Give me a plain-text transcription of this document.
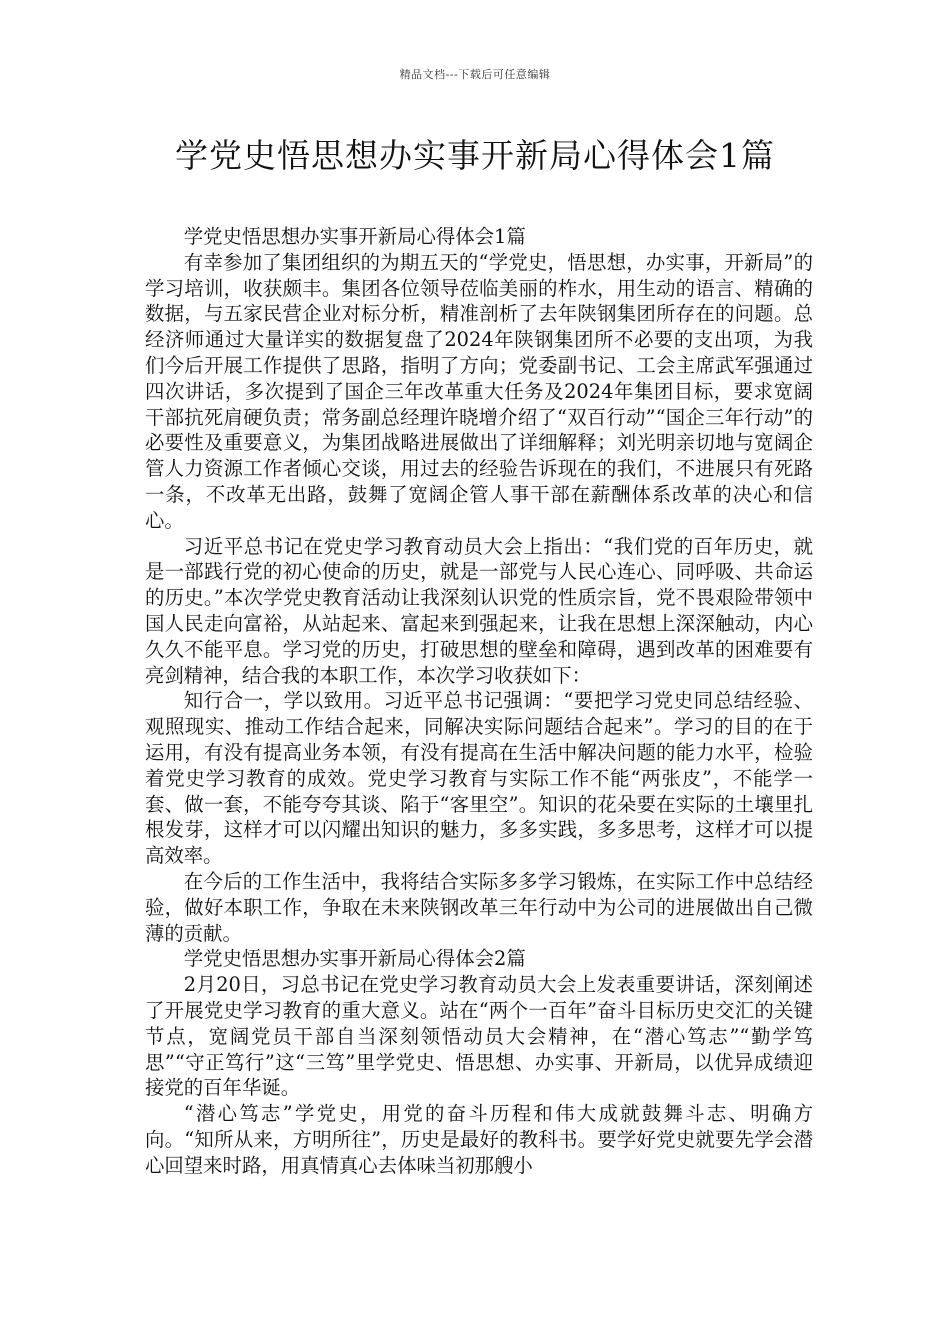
精品文档---下载后可任意编辑
学党史悟思想办实事开新局心得体会1篇

学党史悟思想办实事开新局心得体会1篇

有幸参加了集团组织的为期五天的“学党史，悟思想，办实事，开新局”的学习培训，收获颇丰。集团各位领导莅临美丽的柞水，用生动的语言、精确的数据，与五家民营企业对标分析，精准剖析了去年陕钢集团所存在的问题。总经济师通过大量详实的数据复盘了2024年陕钢集团所不必要的支出项，为我们今后开展工作提供了思路，指明了方向；党委副书记、工会主席武军强通过四次讲话，多次提到了国企三年改革重大任务及2024年集团目标，要求宽阔干部抗死肩硬负责；常务副总经理许晓增介绍了“双百行动”“国企三年行动”的必要性及重要意义，为集团战略进展做出了详细解释；刘光明亲切地与宽阔企管人力资源工作者倾心交谈，用过去的经验告诉现在的我们，不进展只有死路一条，不改革无出路，鼓舞了宽阔企管人事干部在薪酬体系改革的决心和信心。

习近平总书记在党史学习教育动员大会上指出：“我们党的百年历史，就是一部践行党的初心使命的历史，就是一部党与人民心连心、同呼吸、共命运的历史。”本次学党史教育活动让我深刻认识党的性质宗旨，党不畏艰险带领中国人民走向富裕，从站起来、富起来到强起来，让我在思想上深深触动，内心久久不能平息。学习党的历史，打破思想的壁垒和障碍，遇到改革的困难要有亮剑精神，结合我的本职工作，本次学习收获如下：

知行合一，学以致用。习近平总书记强调：“要把学习党史同总结经验、观照现实、推动工作结合起来，同解决实际问题结合起来”。学习的目的在于运用，有没有提高业务本领，有没有提高在生活中解决问题的能力水平，检验着党史学习教育的成效。党史学习教育与实际工作不能“两张皮”，不能学一套、做一套，不能夸夸其谈、陷于“客里空”。知识的花朵要在实际的土壤里扎根发芽，这样才可以闪耀出知识的魅力，多多实践，多多思考，这样才可以提高效率。

在今后的工作生活中，我将结合实际多多学习锻炼，在实际工作中总结经验，做好本职工作，争取在未来陕钢改革三年行动中为公司的进展做出自己微薄的贡献。

学党史悟思想办实事开新局心得体会2篇

2月20日，习总书记在党史学习教育动员大会上发表重要讲话，深刻阐述了开展党史学习教育的重大意义。站在“两个一百年”奋斗目标历史交汇的关键节点，宽阔党员干部自当深刻领悟动员大会精神，在“潜心笃志”“勤学笃思”“守正笃行”这“三笃”里学党史、悟思想、办实事、开新局，以优异成绩迎接党的百年华诞。

“潜心笃志”学党史，用党的奋斗历程和伟大成就鼓舞斗志、明确方向。“知所从来，方明所往”，历史是最好的教科书。要学好党史就要先学会潜心回望来时路，用真情真心去体味当初那艘小
